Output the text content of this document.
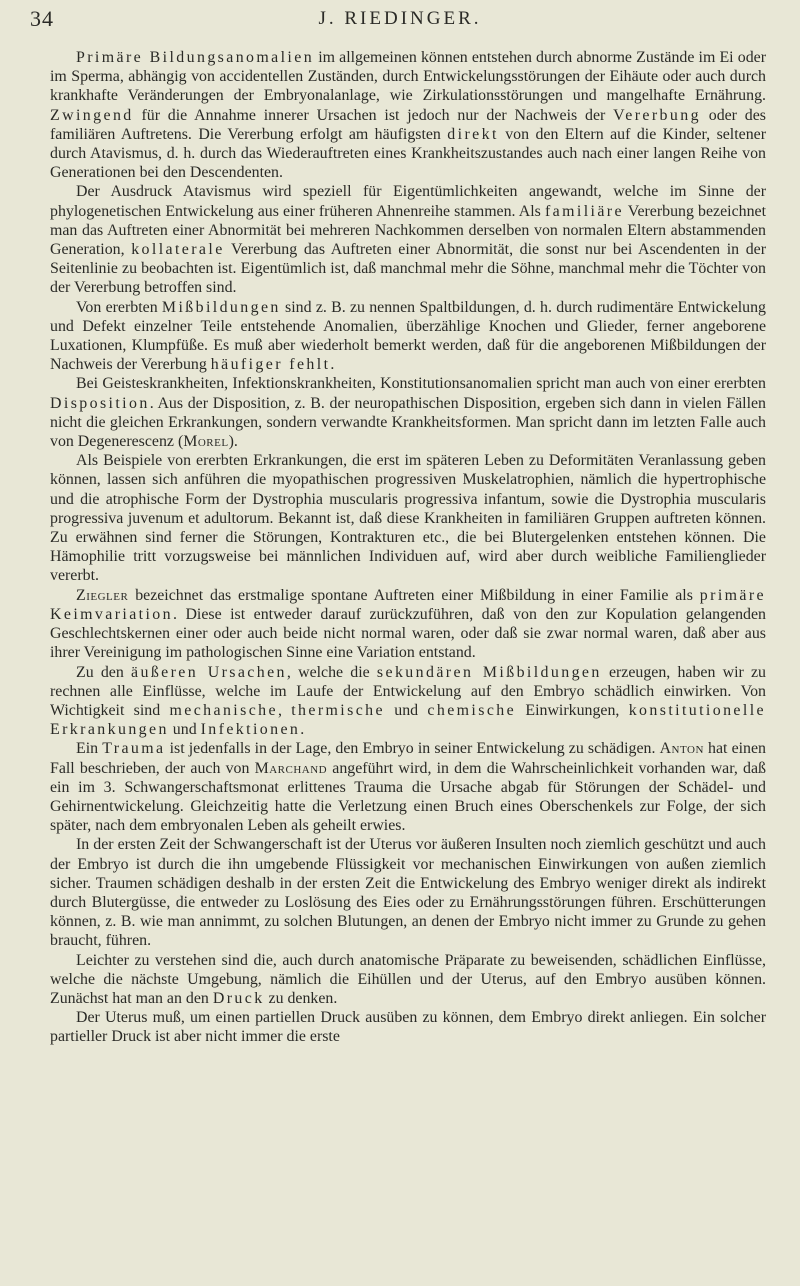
34	J. RIEDINGER.

Primäre Bildungsanomalien im allgemeinen können entstehen durch abnorme Zustände im Ei oder im Sperma, abhängig von accidentellen Zuständen, durch Entwickelungsstörungen der Eihäute oder auch durch krankhafte Veränderungen der Embryonalanlage, wie Zirkulationsstörungen und mangelhafte Ernährung. Zwingend für die Annahme innerer Ursachen ist jedoch nur der Nachweis der Vererbung oder des familiären Auftretens. Die Vererbung erfolgt am häufigsten direkt von den Eltern auf die Kinder, seltener durch Atavismus, d. h. durch das Wiederauftreten eines Krankheitszustandes auch nach einer langen Reihe von Generationen bei den Descendenten.

Der Ausdruck Atavismus wird speziell für Eigentümlichkeiten angewandt, welche im Sinne der phylogenetischen Entwickelung aus einer früheren Ahnenreihe stammen. Als familiäre Vererbung bezeichnet man das Auftreten einer Abnormität bei mehreren Nachkommen derselben von normalen Eltern abstammenden Generation, kollaterale Vererbung das Auftreten einer Abnormität, die sonst nur bei Ascendenten in der Seitenlinie zu beobachten ist. Eigentümlich ist, daß manchmal mehr die Söhne, manchmal mehr die Töchter von der Vererbung betroffen sind.

Von ererbten Mißbildungen sind z. B. zu nennen Spaltbildungen, d. h. durch rudimentäre Entwickelung und Defekt einzelner Teile entstehende Anomalien, überzählige Knochen und Glieder, ferner angeborene Luxationen, Klumpfüße. Es muß aber wiederholt bemerkt werden, daß für die angeborenen Mißbildungen der Nachweis der Vererbung häufiger fehlt.

Bei Geisteskrankheiten, Infektionskrankheiten, Konstitutionsanomalien spricht man auch von einer ererbten Disposition. Aus der Disposition, z. B. der neuropathischen Disposition, ergeben sich dann in vielen Fällen nicht die gleichen Erkrankungen, sondern verwandte Krankheitsformen. Man spricht dann im letzten Falle auch von Degenerescenz (Morel).

Als Beispiele von ererbten Erkrankungen, die erst im späteren Leben zu Deformitäten Veranlassung geben können, lassen sich anführen die myopathischen progressiven Muskelatrophien, nämlich die hypertrophische und die atrophische Form der Dystrophia muscularis progressiva infantum, sowie die Dystrophia muscularis progressiva juvenum et adultorum. Bekannt ist, daß diese Krankheiten in familiären Gruppen auftreten können. Zu erwähnen sind ferner die Störungen, Kontrakturen etc., die bei Blutergelenken entstehen können. Die Hämophilie tritt vorzugsweise bei männlichen Individuen auf, wird aber durch weibliche Familienglieder vererbt.

Ziegler bezeichnet das erstmalige spontane Auftreten einer Mißbildung in einer Familie als primäre Keimvariation. Diese ist entweder darauf zurückzuführen, daß von den zur Kopulation gelangenden Geschlechtskernen einer oder auch beide nicht normal waren, oder daß sie zwar normal waren, daß aber aus ihrer Vereinigung im pathologischen Sinne eine Variation entstand.

Zu den äußeren Ursachen, welche die sekundären Mißbildungen erzeugen, haben wir zu rechnen alle Einflüsse, welche im Laufe der Entwickelung auf den Embryo schädlich einwirken. Von Wichtigkeit sind mechanische, thermische und chemische Einwirkungen, konstitutionelle Erkrankungen und Infektionen.

Ein Trauma ist jedenfalls in der Lage, den Embryo in seiner Entwickelung zu schädigen. Anton hat einen Fall beschrieben, der auch von Marchand angeführt wird, in dem die Wahrscheinlichkeit vorhanden war, daß ein im 3. Schwangerschaftsmonat erlittenes Trauma die Ursache abgab für Störungen der Schädel- und Gehirnentwickelung. Gleichzeitig hatte die Verletzung einen Bruch eines Oberschenkels zur Folge, der sich später, nach dem embryonalen Leben als geheilt erwies.

In der ersten Zeit der Schwangerschaft ist der Uterus vor äußeren Insulten noch ziemlich geschützt und auch der Embryo ist durch die ihn umgebende Flüssigkeit vor mechanischen Einwirkungen von außen ziemlich sicher. Traumen schädigen deshalb in der ersten Zeit die Entwickelung des Embryo weniger direkt als indirekt durch Blutergüsse, die entweder zu Loslösung des Eies oder zu Ernährungsstörungen führen. Erschütterungen können, z. B. wie man annimmt, zu solchen Blutungen, an denen der Embryo nicht immer zu Grunde zu gehen braucht, führen.

Leichter zu verstehen sind die, auch durch anatomische Präparate zu beweisenden, schädlichen Einflüsse, welche die nächste Umgebung, nämlich die Eihüllen und der Uterus, auf den Embryo ausüben können. Zunächst hat man an den Druck zu denken.

Der Uterus muß, um einen partiellen Druck ausüben zu können, dem Embryo direkt anliegen. Ein solcher partieller Druck ist aber nicht immer die erste
